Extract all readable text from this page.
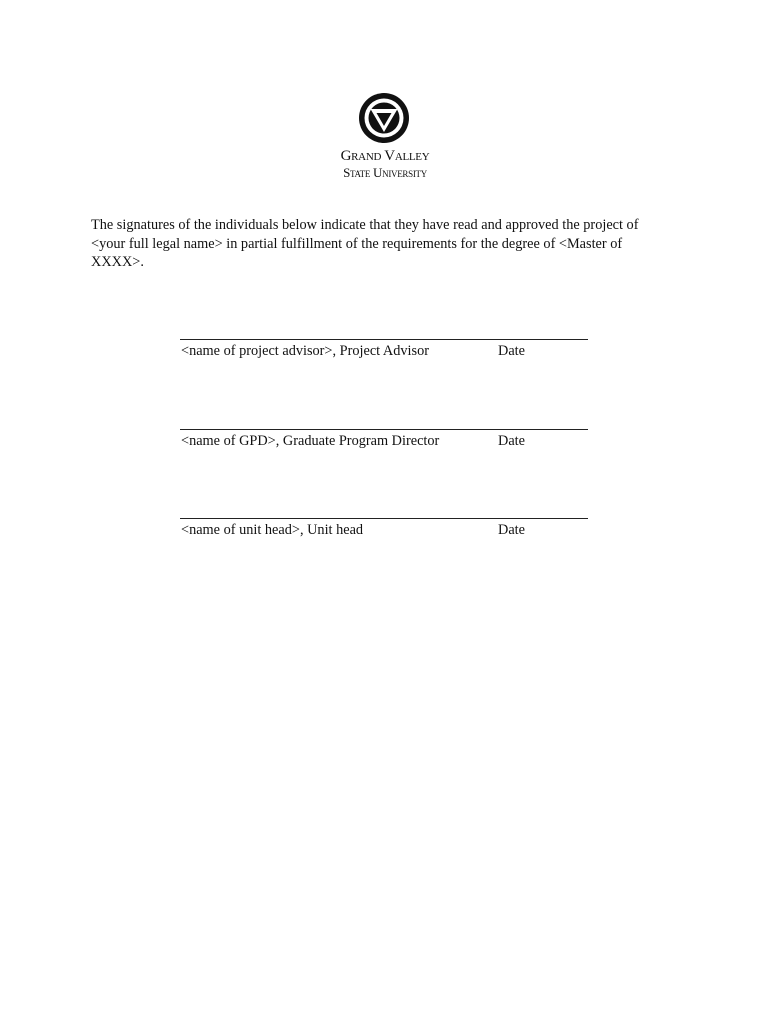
Grand Valley
State University
The signatures of the individuals below indicate that they have read and approved the project of
<your full legal name> in partial fulfillment of the requirements for the degree of <Master of
XXXX>.
<name of project advisor>, Project Advisor	Date
<name of GPD>, Graduate Program Director	Date
<name of unit head>, Unit head	Date
